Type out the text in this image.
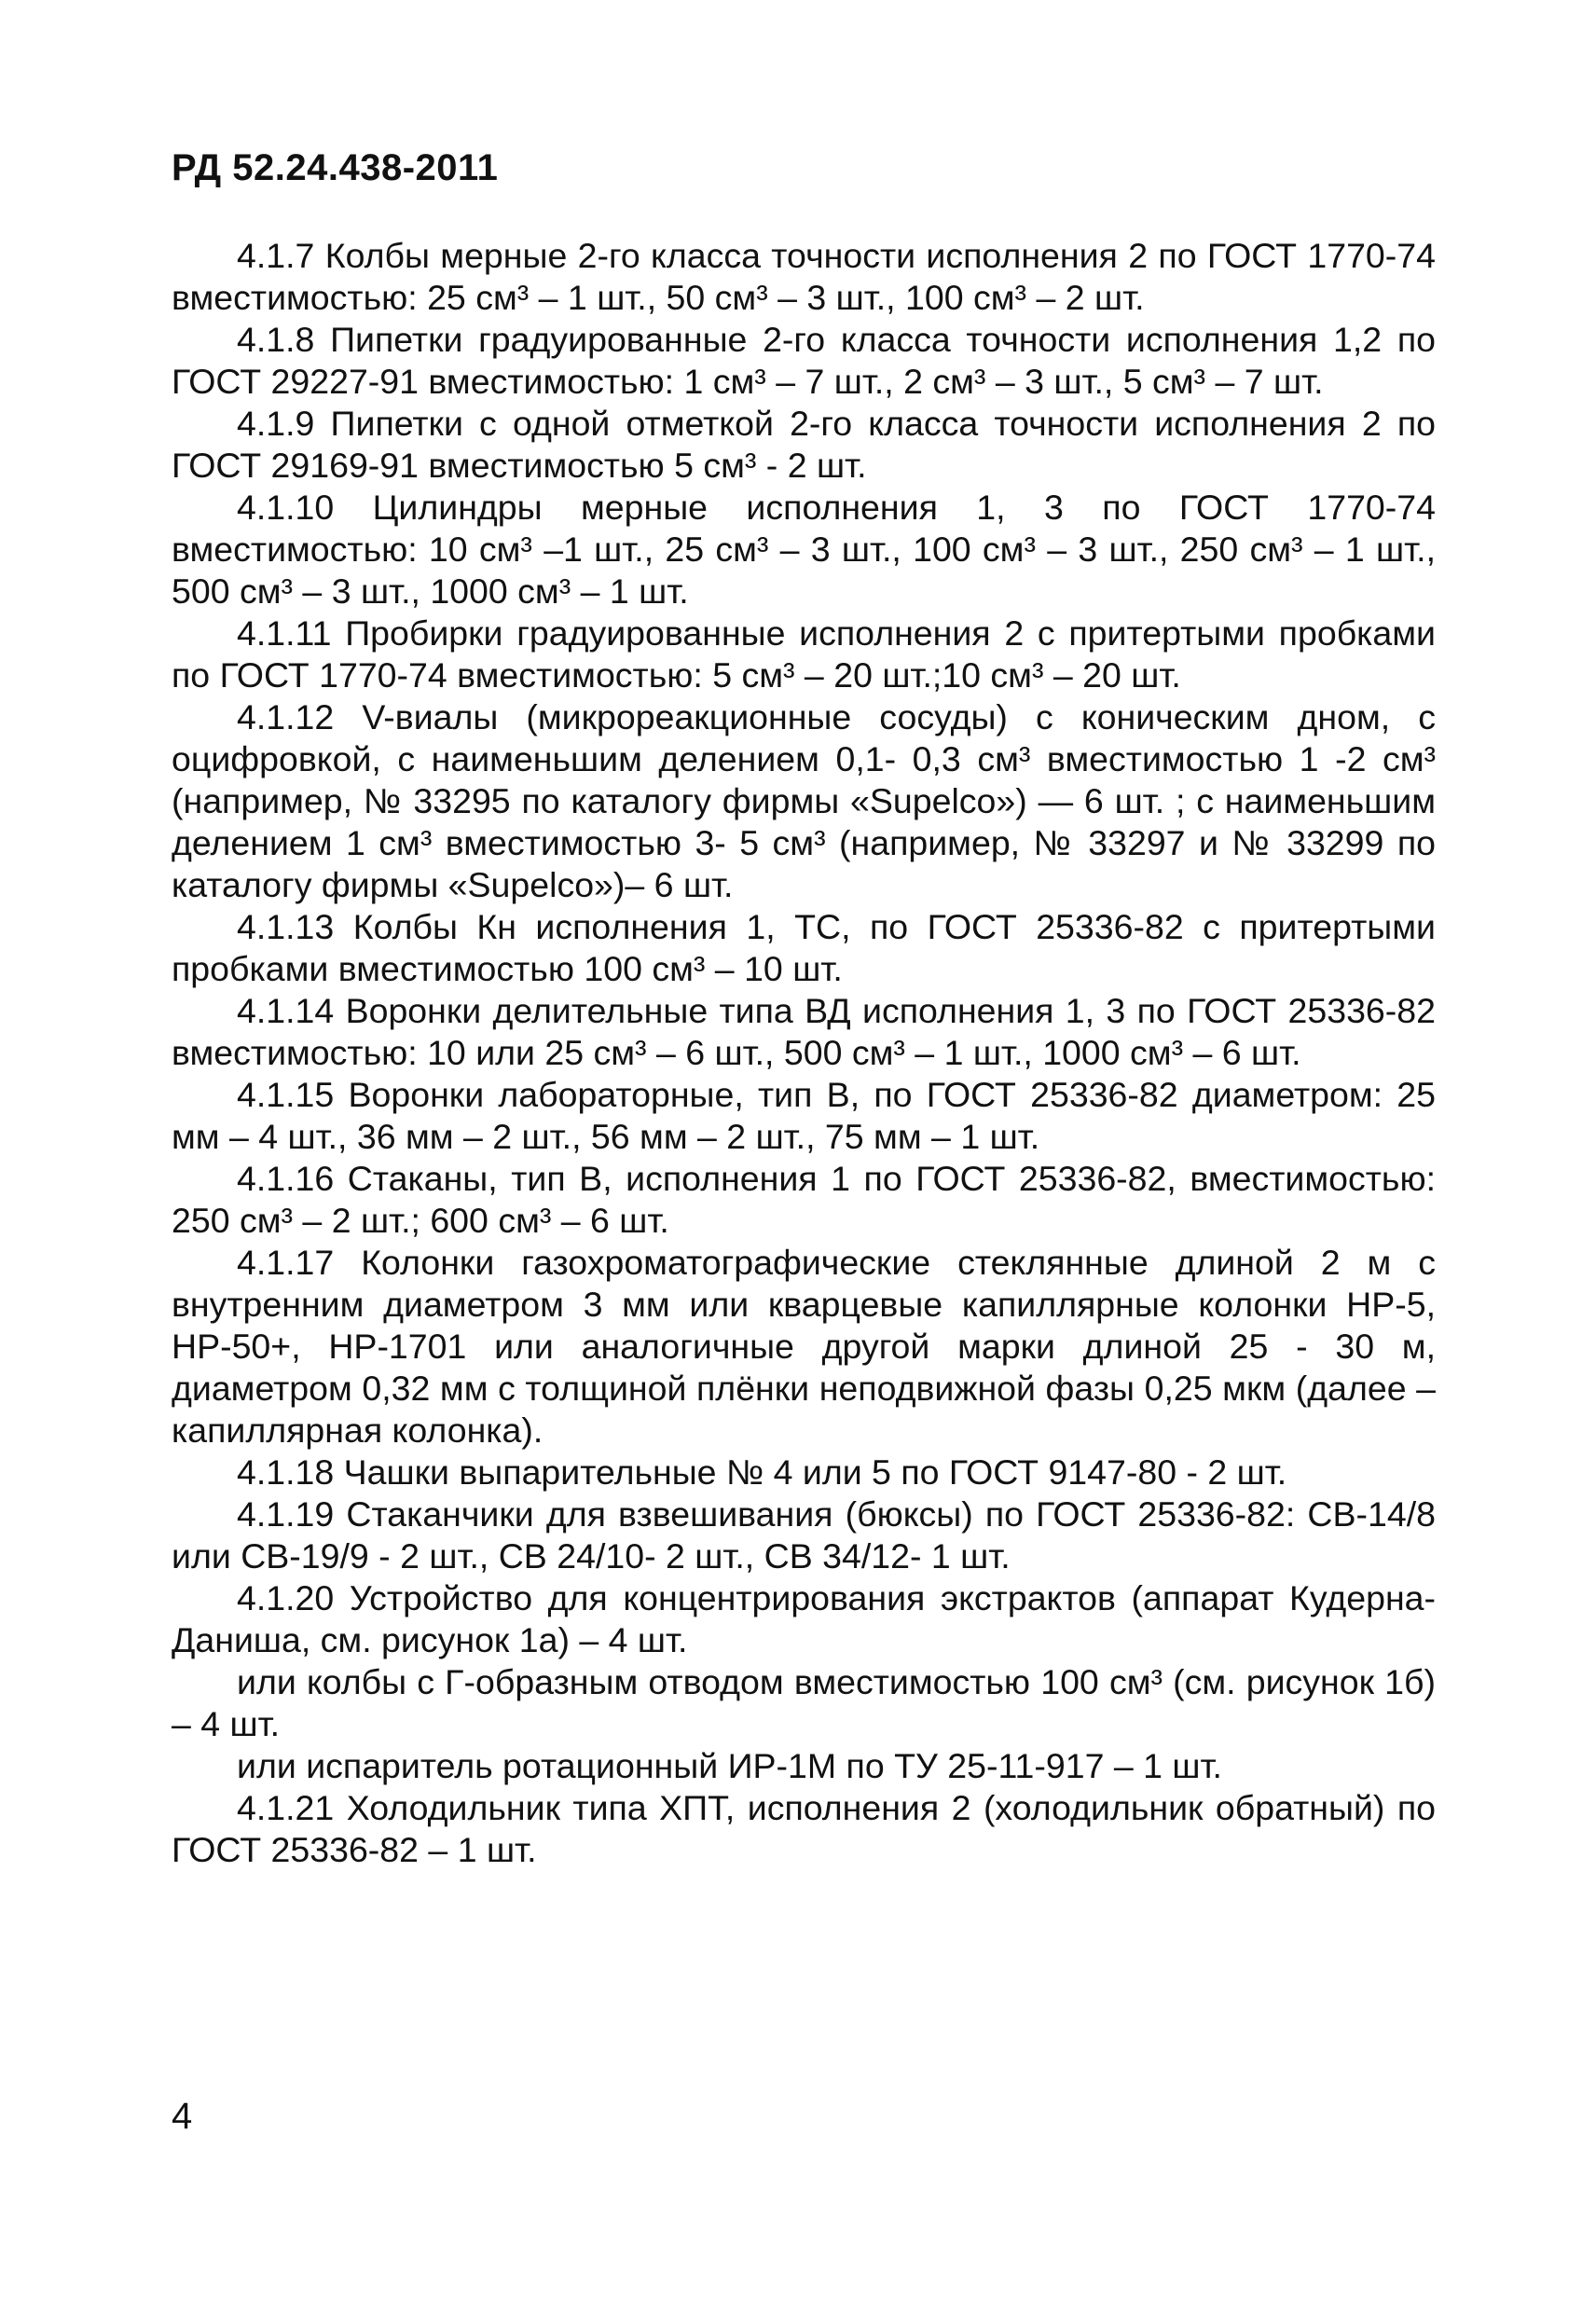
РД 52.24.438-2011

4.1.7 Колбы мерные 2-го класса точности исполнения 2 по ГОСТ 1770-74 вместимостью: 25 см³ – 1 шт., 50 см³ – 3 шт., 100 см³ – 2 шт.

4.1.8 Пипетки градуированные 2-го класса точности исполнения 1,2 по ГОСТ 29227-91 вместимостью: 1 см³ – 7 шт., 2 см³ – 3 шт., 5 см³ – 7 шт.

4.1.9 Пипетки с одной отметкой 2-го класса точности исполнения 2 по ГОСТ 29169-91 вместимостью 5 см³ - 2 шт.

4.1.10 Цилиндры мерные исполнения 1, 3 по ГОСТ 1770-74 вместимостью: 10 см³ –1 шт., 25 см³ – 3 шт., 100 см³ – 3 шт., 250 см³ – 1 шт., 500 см³ – 3 шт., 1000 см³ – 1 шт.

4.1.11 Пробирки градуированные исполнения 2 с притертыми пробками по ГОСТ 1770-74 вместимостью: 5 см³ – 20 шт.;10 см³ – 20 шт.

4.1.12 V-виалы (микрореакционные сосуды) с коническим дном, с оцифровкой, с наименьшим делением 0,1- 0,3 см³ вместимостью 1 -2 см³ (например, № 33295 по каталогу фирмы «Supelco») — 6 шт. ; с наименьшим делением 1 см³ вместимостью 3- 5 см³ (например, № 33297 и № 33299 по каталогу фирмы «Supelco»)– 6 шт.

4.1.13 Колбы Кн исполнения 1, ТС, по ГОСТ 25336-82 с притертыми пробками вместимостью 100 см³ – 10 шт.

4.1.14 Воронки делительные типа ВД исполнения 1, 3 по ГОСТ 25336-82 вместимостью: 10 или 25 см³ – 6 шт., 500 см³ – 1 шт., 1000 см³ – 6 шт.

4.1.15 Воронки лабораторные, тип В, по ГОСТ 25336-82 диаметром: 25 мм – 4 шт., 36 мм – 2 шт., 56 мм – 2 шт., 75 мм – 1 шт.

4.1.16 Стаканы, тип В, исполнения 1 по ГОСТ 25336-82, вместимостью: 250 см³ – 2 шт.; 600 см³ – 6 шт.

4.1.17 Колонки газохроматографические стеклянные длиной 2 м с внутренним диаметром 3 мм или кварцевые капиллярные колонки НР-5, НР-50+, НР-1701 или аналогичные другой марки длиной 25 - 30 м, диаметром 0,32 мм с толщиной плёнки неподвижной фазы 0,25 мкм (далее – капиллярная колонка).

4.1.18 Чашки выпарительные № 4 или 5 по ГОСТ 9147-80 - 2 шт.

4.1.19 Стаканчики для взвешивания (бюксы) по ГОСТ 25336-82: СВ-14/8 или СВ-19/9 - 2 шт., СВ 24/10- 2 шт., СВ 34/12- 1 шт.

4.1.20 Устройство для концентрирования экстрактов (аппарат Кудерна-Даниша, см. рисунок 1а) – 4 шт.

или колбы с Г-образным отводом вместимостью 100 см³ (см. рисунок 1б) – 4 шт.

или испаритель ротационный ИР-1М по ТУ 25-11-917 – 1 шт.

4.1.21 Холодильник типа ХПТ, исполнения 2 (холодильник обратный) по ГОСТ 25336-82 – 1 шт.

4
